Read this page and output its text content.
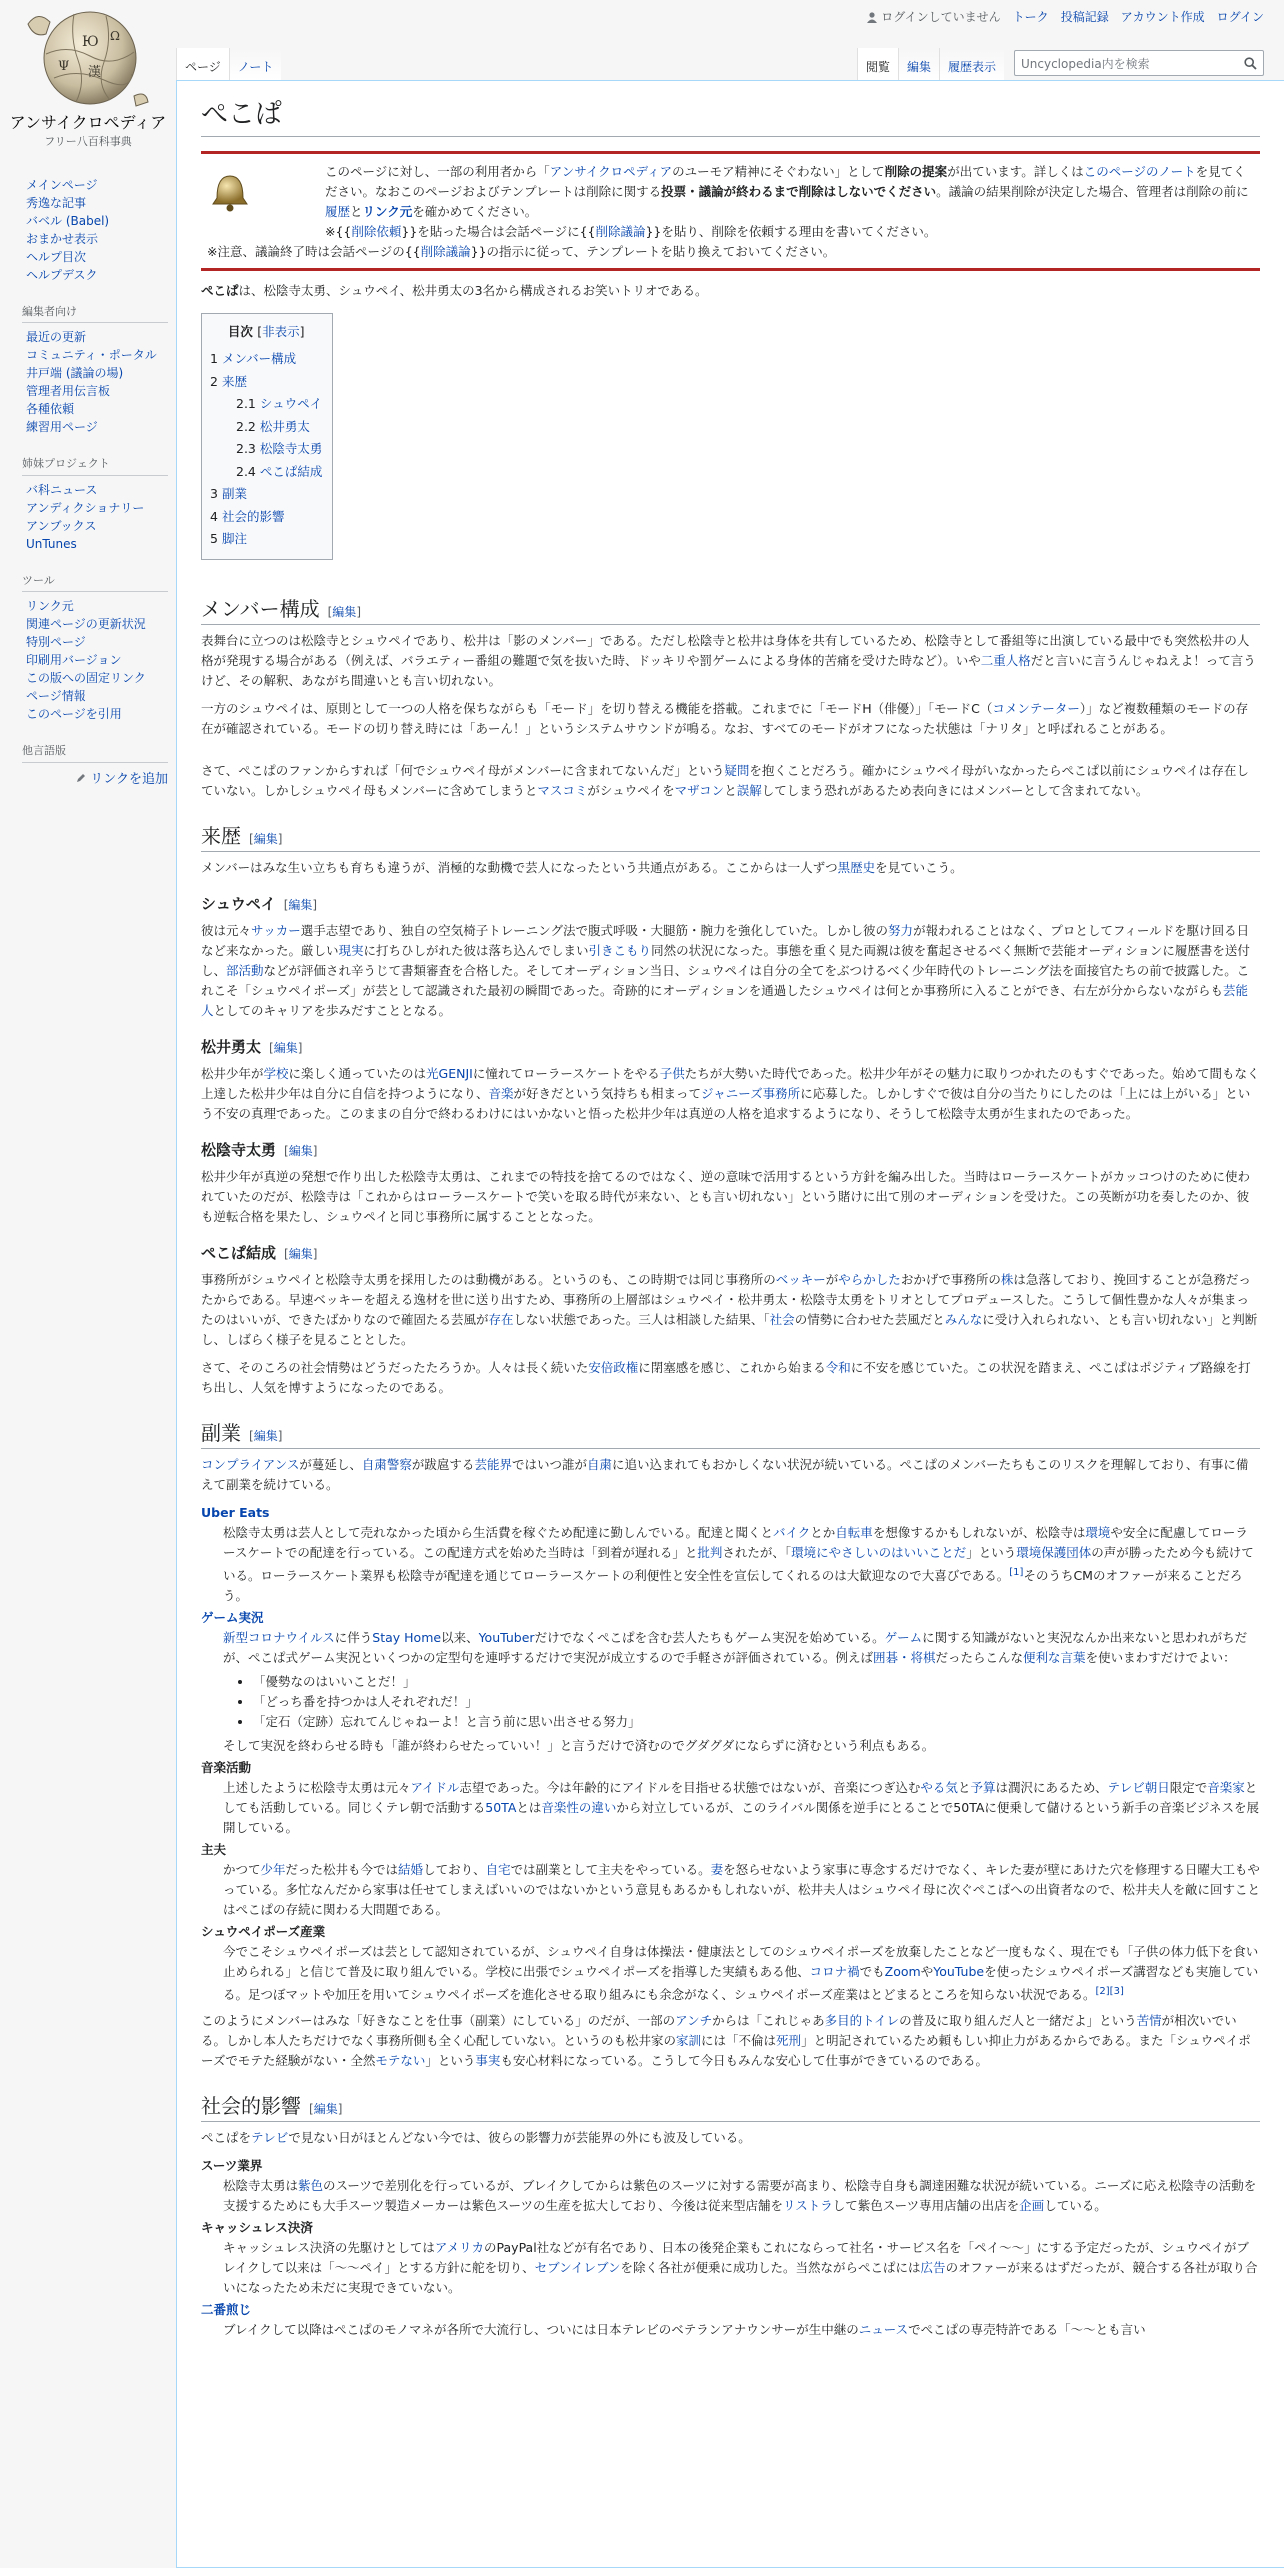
Ю Ω
Ψ 漢
アンサイクロペディア
フリー八百科事典
メインページ
秀逸な記事
バベル (Babel)
おまかせ表示
ヘルプ目次
ヘルプデスク
編集者向け
最近の更新
コミュニティ・ポータル
井戸端 (議論の場)
管理者用伝言板
各種依頼
練習用ページ
姉妹プロジェクト
バ科ニュース
アンディクショナリー
アンブックス
UnTunes
ツール
リンク元
関連ページの更新状況
特別ページ
印刷用バージョン
この版への固定リンク
ページ情報
このページを引用
他言語版
リンクを追加
ログインしていません トーク 投稿記録 アカウント作成 ログイン
ページ	ノート	閲覧	編集	履歴表示	Uncyclopedia内を検索
ぺこぱ

このページに対し、一部の利用者から「アンサイクロペディアのユーモア精神にそぐわない」として削除の提案が出ています。詳しくはこのページのノートを見てください。なおこのページおよびテンプレートは削除に関する投票・議論が終わるまで削除はしないでください。議論の結果削除が決定した場合、管理者は削除の前に履歴とリンク元を確かめてください。

※{{削除依頼}}を貼った場合は会話ページに{{削除議論}}を貼り、削除を依頼する理由を書いてください。

※注意、議論終了時は会話ページの{{削除議論}}の指示に従って、テンプレートを貼り換えておいてください。

ぺこぱは、松陰寺太勇、シュウペイ、松井勇太の3名から構成されるお笑いトリオである。

目次 [非表示]
1 メンバー構成
2 来歴
2.1 シュウペイ
2.2 松井勇太
2.3 松陰寺太勇
2.4 ぺこぱ結成
3 副業
4 社会的影響
5 脚注
メンバー構成 [編集]

表舞台に立つのは松陰寺とシュウペイであり、松井は「影のメンバー」である。ただし松陰寺と松井は身体を共有しているため、松陰寺として番組等に出演している最中でも突然松井の人格が発現する場合がある（例えば、バラエティー番組の難題で気を抜いた時、ドッキリや罰ゲームによる身体的苦痛を受けた時など）。いや二重人格だと言いに言うんじゃねえよ！って言うけど、その解釈、あながち間違いとも言い切れない。

一方のシュウペイは、原則として一つの人格を保ちながらも「モード」を切り替える機能を搭載。これまでに「モードH（俳優）」「モードC（コメンテーター）」など複数種類のモードの存在が確認されている。モードの切り替え時には「あーん！」というシステムサウンドが鳴る。なお、すべてのモードがオフになった状態は「ナリタ」と呼ばれることがある。

さて、ぺこぱのファンからすれば「何でシュウペイ母がメンバーに含まれてないんだ」という疑問を抱くことだろう。確かにシュウペイ母がいなかったらぺこぱ以前にシュウペイは存在していない。しかしシュウペイ母もメンバーに含めてしまうとマスコミがシュウペイをマザコンと誤解してしまう恐れがあるため表向きにはメンバーとして含まれてない。

来歴 [編集]

メンバーはみな生い立ちも育ちも違うが、消極的な動機で芸人になったという共通点がある。ここからは一人ずつ黒歴史を見ていこう。

シュウペイ [編集]

彼は元々サッカー選手志望であり、独自の空気椅子トレーニング法で腹式呼吸・大腿筋・腕力を強化していた。しかし彼の努力が報われることはなく、プロとしてフィールドを駆け回る日など来なかった。厳しい現実に打ちひしがれた彼は落ち込んでしまい引きこもり同然の状況になった。事態を重く見た両親は彼を奮起させるべく無断で芸能オーディションに履歴書を送付し、部活動などが評価され辛うじて書類審査を合格した。そしてオーディション当日、シュウペイは自分の全てをぶつけるべく少年時代のトレーニング法を面接官たちの前で披露した。これこそ「シュウペイポーズ」が芸として認識された最初の瞬間であった。奇跡的にオーディションを通過したシュウペイは何とか事務所に入ることができ、右左が分からないながらも芸能人としてのキャリアを歩みだすこととなる。

松井勇太 [編集]

松井少年が学校に楽しく通っていたのは光GENJIに憧れてローラースケートをやる子供たちが大勢いた時代であった。松井少年がその魅力に取りつかれたのもすぐであった。始めて間もなく上達した松井少年は自分に自信を持つようになり、音楽が好きだという気持ちも相まってジャニーズ事務所に応募した。しかしすぐで彼は自分の当たりにしたのは「上には上がいる」という不安の真理であった。このままの自分で終わるわけにはいかないと悟った松井少年は真逆の人格を追求するようになり、そうして松陰寺太勇が生まれたのであった。

松陰寺太勇 [編集]

松井少年が真逆の発想で作り出した松陰寺太勇は、これまでの特技を捨てるのではなく、逆の意味で活用するという方針を編み出した。当時はローラースケートがカッコつけのために使われていたのだが、松陰寺は「これからはローラースケートで笑いを取る時代が来ない、とも言い切れない」という賭けに出て別のオーディションを受けた。この英断が功を奏したのか、彼も逆転合格を果たし、シュウペイと同じ事務所に属することとなった。

ぺこぱ結成 [編集]

事務所がシュウペイと松陰寺太勇を採用したのは動機がある。というのも、この時期では同じ事務所のベッキーがやらかしたおかげで事務所の株は急落しており、挽回することが急務だったからである。早速ベッキーを超える逸材を世に送り出すため、事務所の上層部はシュウペイ・松井勇太・松陰寺太勇をトリオとしてプロデュースした。こうして個性豊かな人々が集まったのはいいが、できたばかりなので確固たる芸風が存在しない状態であった。三人は相談した結果、「社会の情勢に合わせた芸風だとみんなに受け入れられない、とも言い切れない」と判断し、しばらく様子を見ることとした。

さて、そのころの社会情勢はどうだったたろうか。人々は長く続いた安倍政権に閉塞感を感じ、これから始まる令和に不安を感じていた。この状況を踏まえ、ぺこぱはポジティブ路線を打ち出し、人気を博すようになったのである。

副業 [編集]

コンプライアンスが蔓延し、自粛警察が跋扈する芸能界ではいつ誰が自粛に追い込まれてもおかしくない状況が続いている。ぺこぱのメンバーたちもこのリスクを理解しており、有事に備えて副業を続けている。

Uber Eats
松陰寺太勇は芸人として売れなかった頃から生活費を稼ぐため配達に勤しんでいる。配達と聞くとバイクとか自転車を想像するかもしれないが、松陰寺は環境や安全に配慮してローラースケートでの配達を行っている。この配達方式を始めた当時は「到着が遅れる」と批判されたが、「環境にやさしいのはいいことだ」という環境保護団体の声が勝ったため今も続けている。ローラースケート業界も松陰寺が配達を通じてローラースケートの利便性と安全性を宣伝してくれるのは大歓迎なので大喜びである。[1]そのうちCMのオファーが来ることだろう。
ゲーム実況
新型コロナウイルスに伴うStay Home以来、YouTuberだけでなくぺこぱを含む芸人たちもゲーム実況を始めている。ゲームに関する知識がないと実況なんか出来ないと思われがちだが、ぺこぱ式ゲーム実況といくつかの定型句を連呼するだけで実況が成立するので手軽さが評価されている。例えば囲碁・将棋だったらこんな便利な言葉を使いまわすだけでよい：
• 「優勢なのはいいことだ！」
• 「どっち番を持つかは人それぞれだ！」
• 「定石（定跡）忘れてんじゃねーよ！と言う前に思い出させる努力」
そして実況を終わらせる時も「誰が終わらせたっていい！」と言うだけで済むのでグダグダにならずに済むという利点もある。
音楽活動
上述したように松陰寺太勇は元々アイドル志望であった。今は年齢的にアイドルを目指せる状態ではないが、音楽につぎ込むやる気と予算は潤沢にあるため、テレビ朝日限定で音楽家としても活動している。同じくテレ朝で活動する50TAとは音楽性の違いから対立しているが、このライバル関係を逆手にとることで50TAに便乗して儲けるという新手の音楽ビジネスを展開している。
主夫
かつて少年だった松井も今では結婚しており、自宅では副業として主夫をやっている。妻を怒らせないよう家事に専念するだけでなく、キレた妻が壁にあけた穴を修理する日曜大工もやっている。多忙なんだから家事は任せてしまえばいいのではないかという意見もあるかもしれないが、松井夫人はシュウペイ母に次ぐぺこぱへの出資者なので、松井夫人を敵に回すことはぺこぱの存続に関わる大問題である。
シュウペイポーズ産業
今でこそシュウペイポーズは芸として認知されているが、シュウペイ自身は体操法・健康法としてのシュウペイポーズを放棄したことなど一度もなく、現在でも「子供の体力低下を食い止められる」と信じて普及に取り組んでいる。学校に出張でシュウペイポーズを指導した実績もある他、コロナ禍でもZoomやYouTubeを使ったシュウペイポーズ講習なども実施している。足つぼマットや加圧を用いてシュウペイポーズを進化させる取り組みにも余念がなく、シュウペイポーズ産業はとどまるところを知らない状況である。[2][3]

このようにメンバーはみな「好きなことを仕事（副業）にしている」のだが、一部のアンチからは「これじゃあ多目的トイレの普及に取り組んだ人と一緒だよ」という苦情が相次いでいる。しかし本人たちだけでなく事務所側も全く心配していない。というのも松井家の家訓には「不倫は死刑」と明記されているため頼もしい抑止力があるからである。また「シュウペイポーズでモテた経験がない・全然モテない」という事実も安心材料になっている。こうして今日もみんな安心して仕事ができているのである。

社会的影響 [編集]

ぺこぱをテレビで見ない日がほとんどない今では、彼らの影響力が芸能界の外にも波及している。

スーツ業界
松陰寺太勇は紫色のスーツで差別化を行っているが、ブレイクしてからは紫色のスーツに対する需要が高まり、松陰寺自身も調達困難な状況が続いている。ニーズに応え松陰寺の活動を支援するためにも大手スーツ製造メーカーは紫色スーツの生産を拡大しており、今後は従来型店舗をリストラして紫色スーツ専用店舗の出店を企画している。
キャッシュレス決済
キャッシュレス決済の先駆けとしてはアメリカのPayPal社などが有名であり、日本の後発企業もこれにならって社名・サービス名を「ペイ～～」にする予定だったが、シュウペイがブレイクして以来は「～～ペイ」とする方針に舵を切り、セブンイレブンを除く各社が便乗に成功した。当然ながらぺこぱには広告のオファーが来るはずだったが、競合する各社が取り合いになったため未だに実現できていない。
二番煎じ
ブレイクして以降はぺこぱのモノマネが各所で大流行し、ついには日本テレビのベテランアナウンサーが生中継のニュースでぺこぱの専売特許である「～～とも言い
